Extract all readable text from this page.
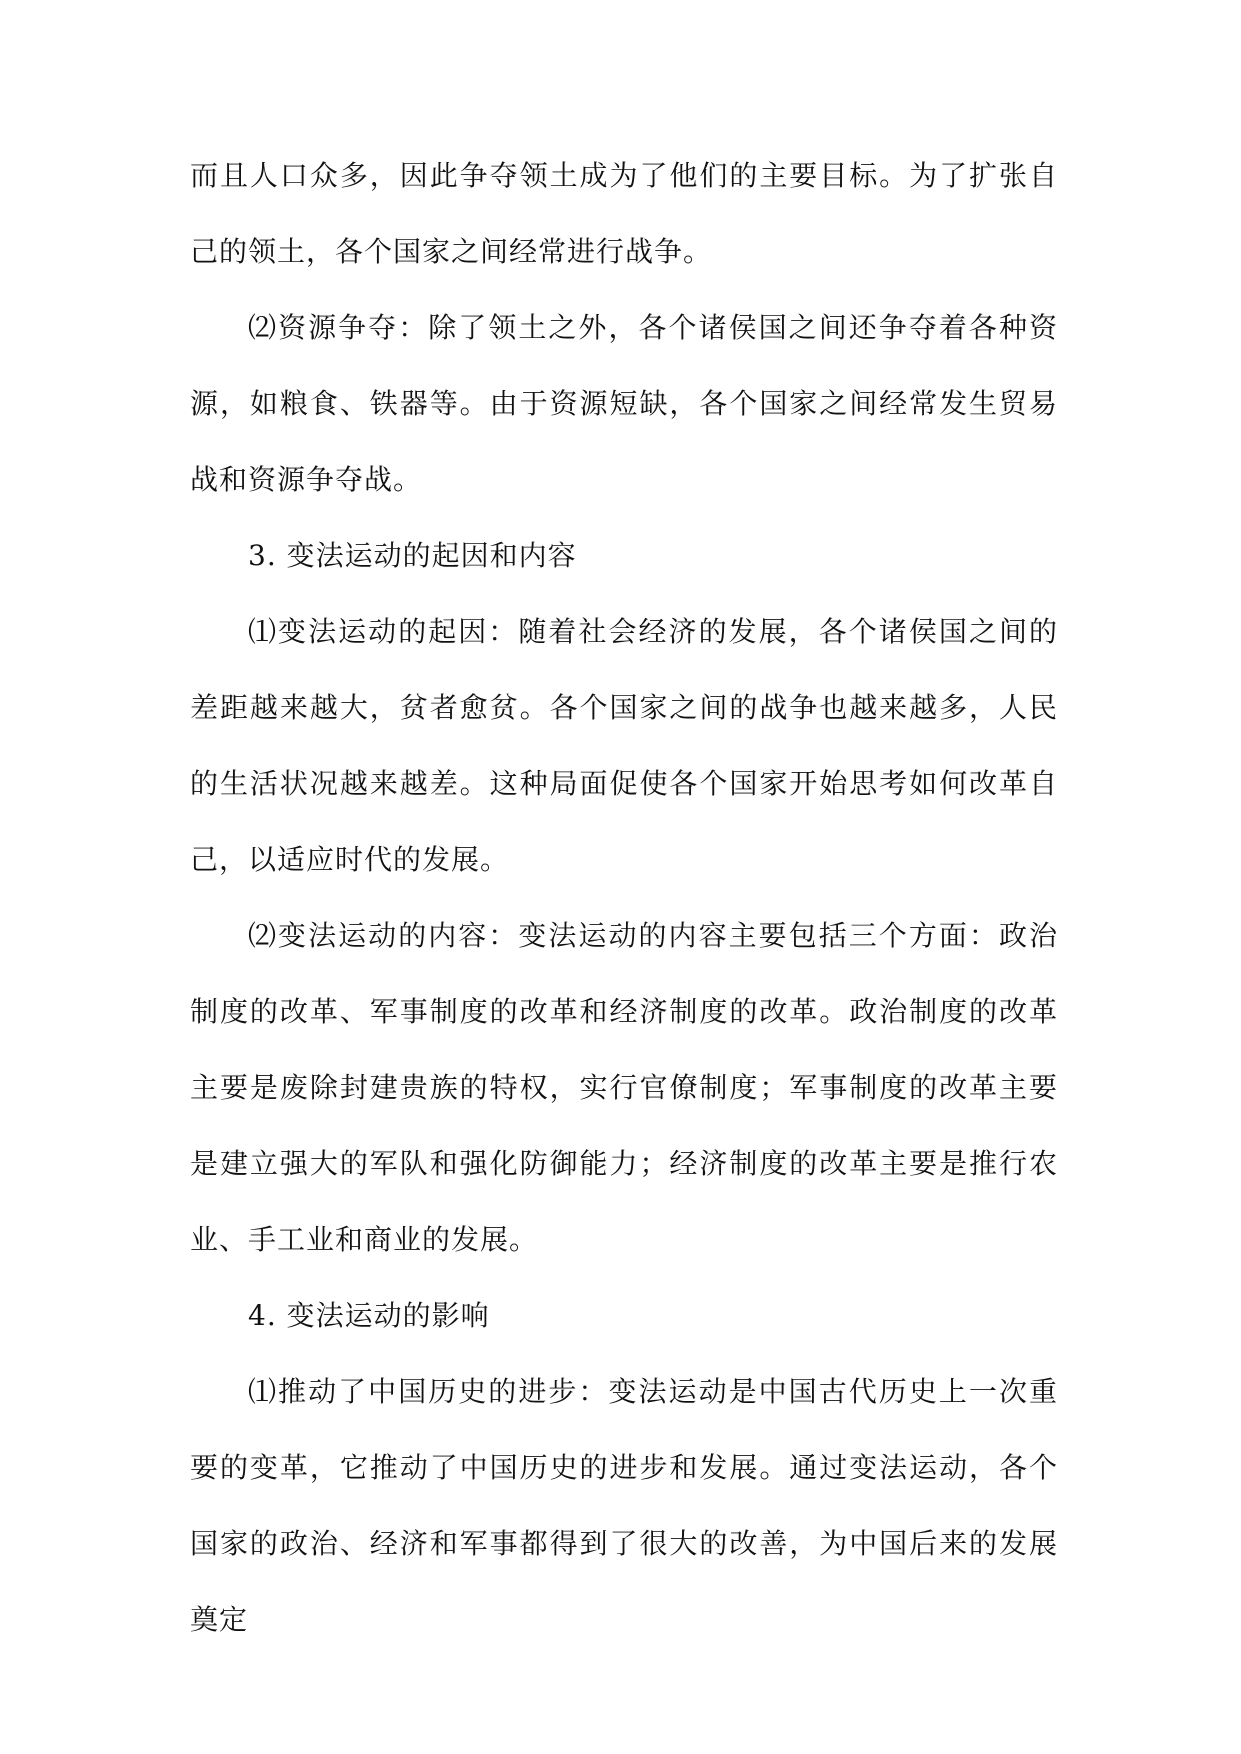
而且人口众多，因此争夺领土成为了他们的主要目标。为了扩张自己的领土，各个国家之间经常进行战争。

⑵资源争夺：除了领土之外，各个诸侯国之间还争夺着各种资源，如粮食、铁器等。由于资源短缺，各个国家之间经常发生贸易战和资源争夺战。

3. 变法运动的起因和内容

⑴变法运动的起因：随着社会经济的发展，各个诸侯国之间的差距越来越大，贫者愈贫。各个国家之间的战争也越来越多，人民的生活状况越来越差。这种局面促使各个国家开始思考如何改革自己，以适应时代的发展。

⑵变法运动的内容：变法运动的内容主要包括三个方面：政治制度的改革、军事制度的改革和经济制度的改革。政治制度的改革主要是废除封建贵族的特权，实行官僚制度；军事制度的改革主要是建立强大的军队和强化防御能力；经济制度的改革主要是推行农业、手工业和商业的发展。

4. 变法运动的影响

⑴推动了中国历史的进步：变法运动是中国古代历史上一次重要的变革，它推动了中国历史的进步和发展。通过变法运动，各个国家的政治、经济和军事都得到了很大的改善，为中国后来的发展奠定
